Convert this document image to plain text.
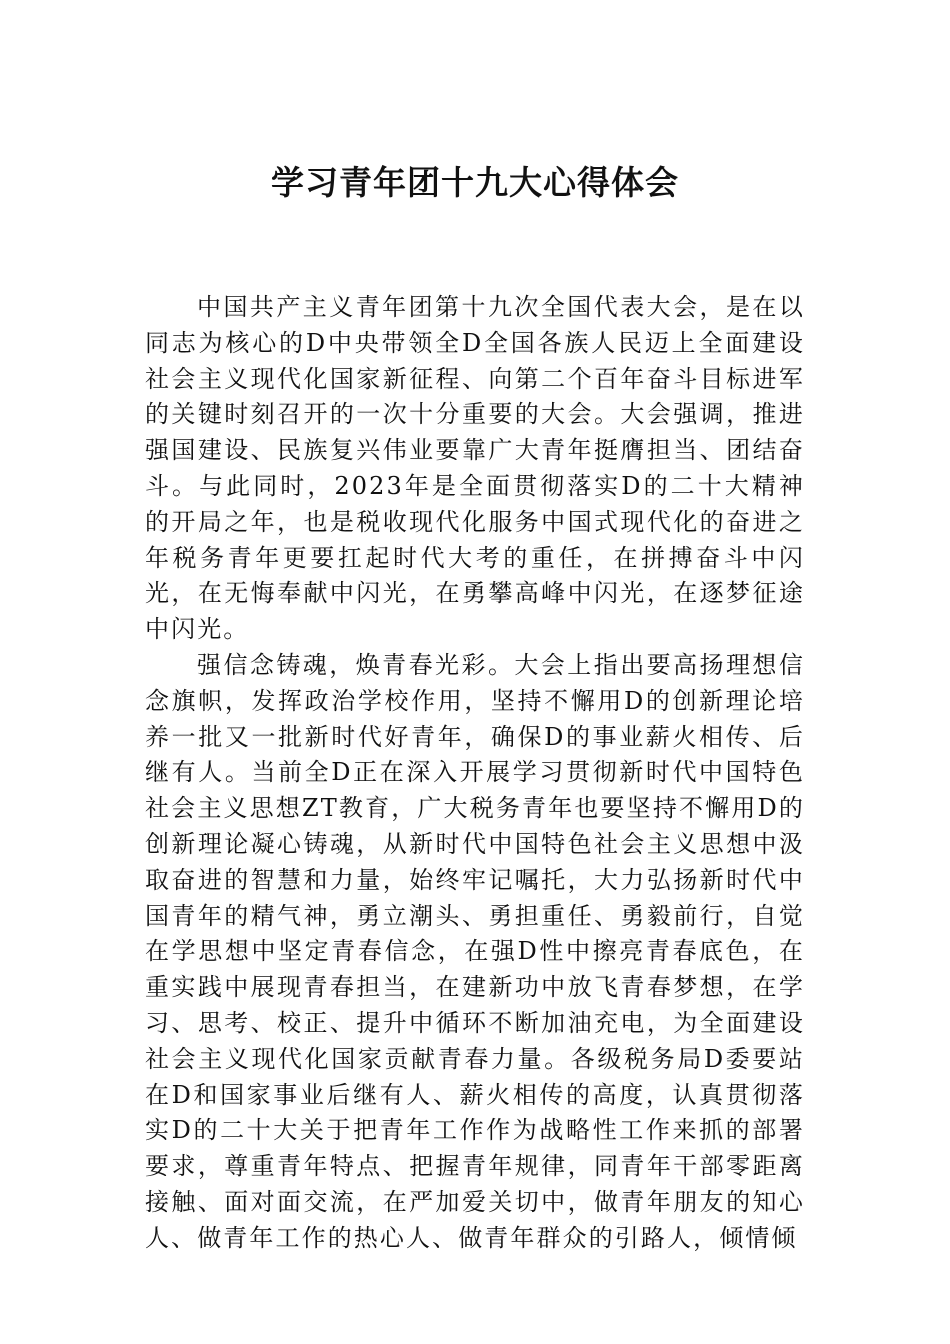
学习青年团十九大心得体会

中国共产主义青年团第十九次全国代表大会，是在以同志为核心的D中央带领全D全国各族人民迈上全面建设社会主义现代化国家新征程、向第二个百年奋斗目标进军的关键时刻召开的一次十分重要的大会。大会强调，推进强国建设、民族复兴伟业要靠广大青年挺膺担当、团结奋斗。与此同时，2023年是全面贯彻落实D的二十大精神的开局之年，也是税收现代化服务中国式现代化的奋进之年税务青年更要扛起时代大考的重任，在拼搏奋斗中闪光，在无悔奉献中闪光，在勇攀高峰中闪光，在逐梦征途中闪光。

强信念铸魂，焕青春光彩。大会上指出要高扬理想信念旗帜，发挥政治学校作用，坚持不懈用D的创新理论培养一批又一批新时代好青年，确保D的事业薪火相传、后继有人。当前全D正在深入开展学习贯彻新时代中国特色社会主义思想ZT教育，广大税务青年也要坚持不懈用D的创新理论凝心铸魂，从新时代中国特色社会主义思想中汲取奋进的智慧和力量，始终牢记嘱托，大力弘扬新时代中国青年的精气神，勇立潮头、勇担重任、勇毅前行，自觉在学思想中坚定青春信念，在强D性中擦亮青春底色，在重实践中展现青春担当，在建新功中放飞青春梦想，在学习、思考、校正、提升中循环不断加油充电，为全面建设社会主义现代化国家贡献青春力量。各级税务局D委要站在D和国家事业后继有人、薪火相传的高度，认真贯彻落实D的二十大关于把青年工作作为战略性工作来抓的部署要求，尊重青年特点、把握青年规律，同青年干部零距离接触、面对面交流，在严加爱关切中，做青年朋友的知心人、做青年工作的热心人、做青年群众的引路人，倾情倾
